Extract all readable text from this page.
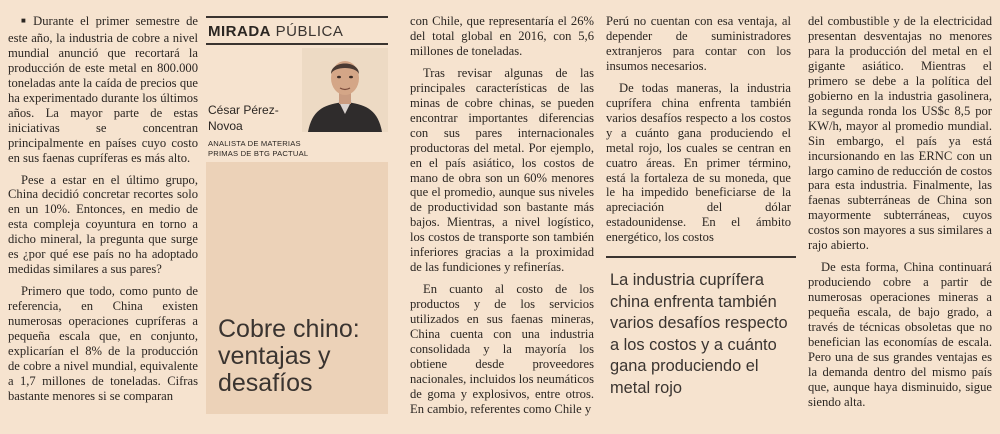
■ Durante el primer semestre de este año, la industria de cobre a nivel mundial anunció que recortará la producción de este metal en 800.000 toneladas ante la caída de precios que ha experimentado durante los últimos años. La mayor parte de estas iniciativas se concentran principalmente en países cuyo costo en sus faenas cupríferas es más alto.

Pese a estar en el último grupo, China decidió concretar recortes solo en un 10%. Entonces, en medio de esta compleja coyuntura en torno a dicho mineral, la pregunta que surge es ¿por qué ese país no ha adoptado medidas similares a sus pares?

Primero que todo, como punto de referencia, en China existen numerosas operaciones cupríferas a pequeña escala que, en conjunto, explicarían el 8% de la producción de cobre a nivel mundial, equivalente a 1,7 millones de toneladas. Cifras bastante menores si se comparan

MIRADA PÚBLICA
César Pérez-
Novoa
ANALISTA DE MATERIAS
PRIMAS DE BTG PACTUAL
Cobre chino:
ventajas y
desafíos

con Chile, que representaría el 26% del total global en 2016, con 5,6 millones de toneladas.

Tras revisar algunas de las principales características de las minas de cobre chinas, se pueden encontrar importantes diferencias con sus pares internacionales productoras del metal. Por ejemplo, en el país asiático, los costos de mano de obra son un 60% menores que el promedio, aunque sus niveles de productividad son bastante más bajos. Mientras, a nivel logístico, los costos de transporte son también inferiores gracias a la proximidad de las fundiciones y refinerías.

En cuanto al costo de los productos y de los servicios utilizados en sus faenas mineras, China cuenta con una industria consolidada y la mayoría los obtiene desde proveedores nacionales, incluidos los neumáticos de goma y explosivos, entre otros. En cambio, referentes como Chile y

Perú no cuentan con esa ventaja, al depender de suministradores extranjeros para contar con los insumos necesarios.

De todas maneras, la industria cuprífera china enfrenta también varios desafíos respecto a los costos y a cuánto gana produciendo el metal rojo, los cuales se centran en cuatro áreas. En primer término, está la fortaleza de su moneda, que le ha impedido beneficiarse de la apreciación del dólar estadounidense. En el ámbito energético, los costos

La industria cuprífera
china enfrenta también
varios desafíos respecto
a los costos y a cuánto
gana produciendo el
metal rojo

del combustible y de la electricidad presentan desventajas no menores para la producción del metal en el gigante asiático. Mientras el primero se debe a la política del gobierno en la industria gasolinera, la segunda ronda los US$c 8,5 por KW/h, mayor al promedio mundial. Sin embargo, el país ya está incursionando en las ERNC con un largo camino de reducción de costos para esta industria. Finalmente, las faenas subterráneas de China son mayormente subterráneas, cuyos costos son mayores a sus similares a rajo abierto.

De esta forma, China continuará produciendo cobre a partir de numerosas operaciones mineras a pequeña escala, de bajo grado, a través de técnicas obsoletas que no benefician las economías de escala. Pero una de sus grandes ventajas es la demanda dentro del mismo país que, aunque haya disminuido, sigue siendo alta.
